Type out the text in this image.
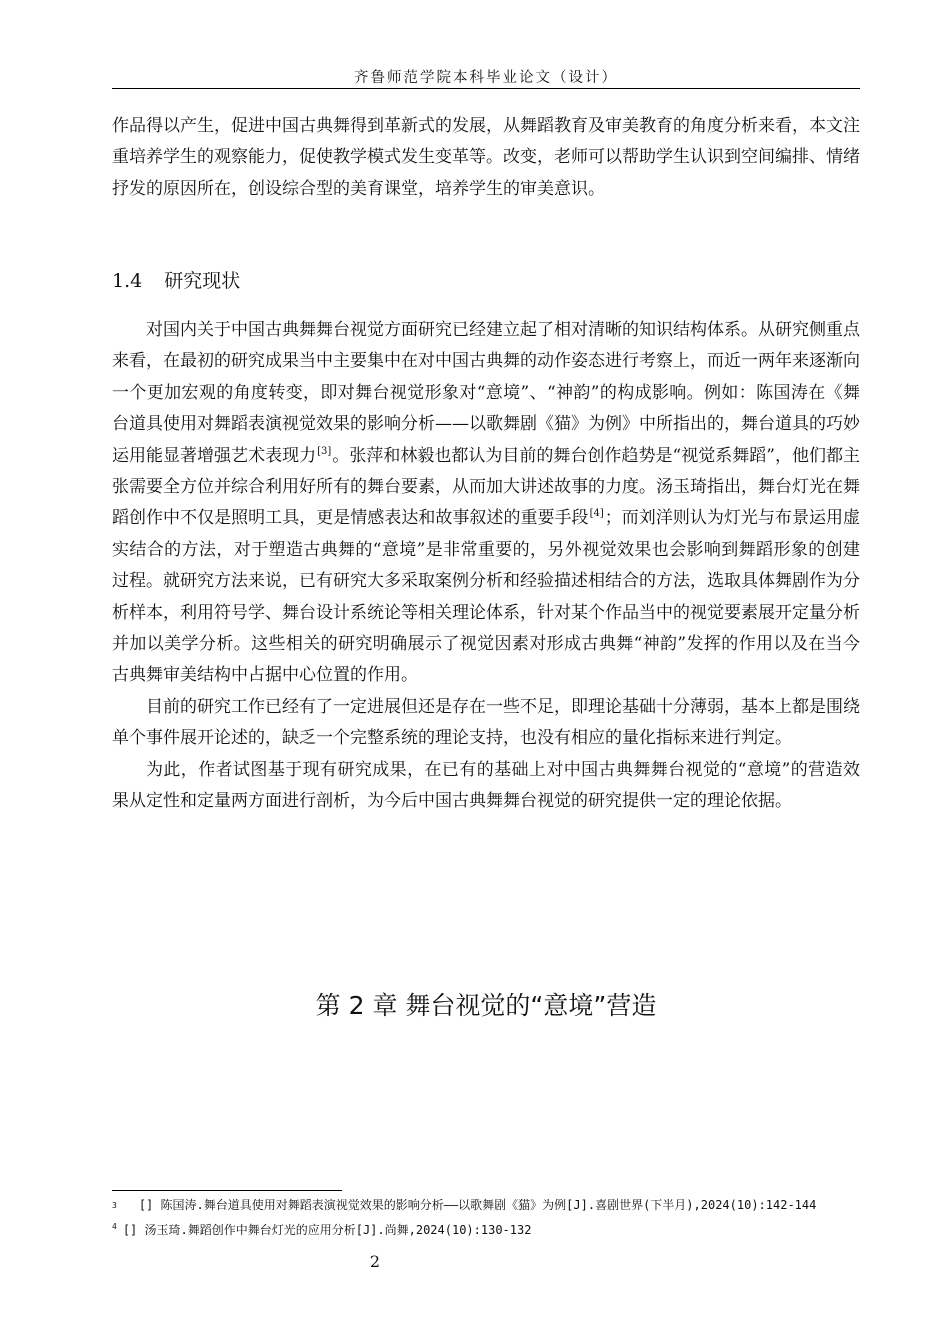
齐鲁师范学院本科毕业论文（设计）

作品得以产生，促进中国古典舞得到革新式的发展，从舞蹈教育及审美教育的角度分析来看，本文注重培养学生的观察能力，促使教学模式发生变革等。改变，老师可以帮助学生认识到空间编排、情绪抒发的原因所在，创设综合型的美育课堂，培养学生的审美意识。

1.4 研究现状

对国内关于中国古典舞舞台视觉方面研究已经建立起了相对清晰的知识结构体系。从研究侧重点来看，在最初的研究成果当中主要集中在对中国古典舞的动作姿态进行考察上，而近一两年来逐渐向一个更加宏观的角度转变，即对舞台视觉形象对“意境”、“神韵”的构成影响。例如：陈国涛在《舞台道具使用对舞蹈表演视觉效果的影响分析——以歌舞剧《猫》为例》中所指出的，舞台道具的巧妙运用能显著增强艺术表现力[3]。张萍和林毅也都认为目前的舞台创作趋势是“视觉系舞蹈”，他们都主张需要全方位并综合利用好所有的舞台要素，从而加大讲述故事的力度。汤玉琦指出，舞台灯光在舞蹈创作中不仅是照明工具，更是情感表达和故事叙述的重要手段[4]；而刘洋则认为灯光与布景运用虚实结合的方法，对于塑造古典舞的“意境”是非常重要的，另外视觉效果也会影响到舞蹈形象的创建过程。就研究方法来说，已有研究大多采取案例分析和经验描述相结合的方法，选取具体舞剧作为分析样本，利用符号学、舞台设计系统论等相关理论体系，针对某个作品当中的视觉要素展开定量分析并加以美学分析。这些相关的研究明确展示了视觉因素对形成古典舞“神韵”发挥的作用以及在当今古典舞审美结构中占据中心位置的作用。

目前的研究工作已经有了一定进展但还是存在一些不足，即理论基础十分薄弱，基本上都是围绕单个事件展开论述的，缺乏一个完整系统的理论支持，也没有相应的量化指标来进行判定。

为此，作者试图基于现有研究成果，在已有的基础上对中国古典舞舞台视觉的“意境”的营造效果从定性和定量两方面进行剖析，为今后中国古典舞舞台视觉的研究提供一定的理论依据。

第 2 章 舞台视觉的“意境”营造
$^3$ [] 陈国涛.舞台道具使用对舞蹈表演视觉效果的影响分析——以歌舞剧《猫》为例[J].喜剧世界(下半月),2024(10):142-144
$^4$ [] 汤玉琦.舞蹈创作中舞台灯光的应用分析[J].尚舞,2024(10):130-132
2
